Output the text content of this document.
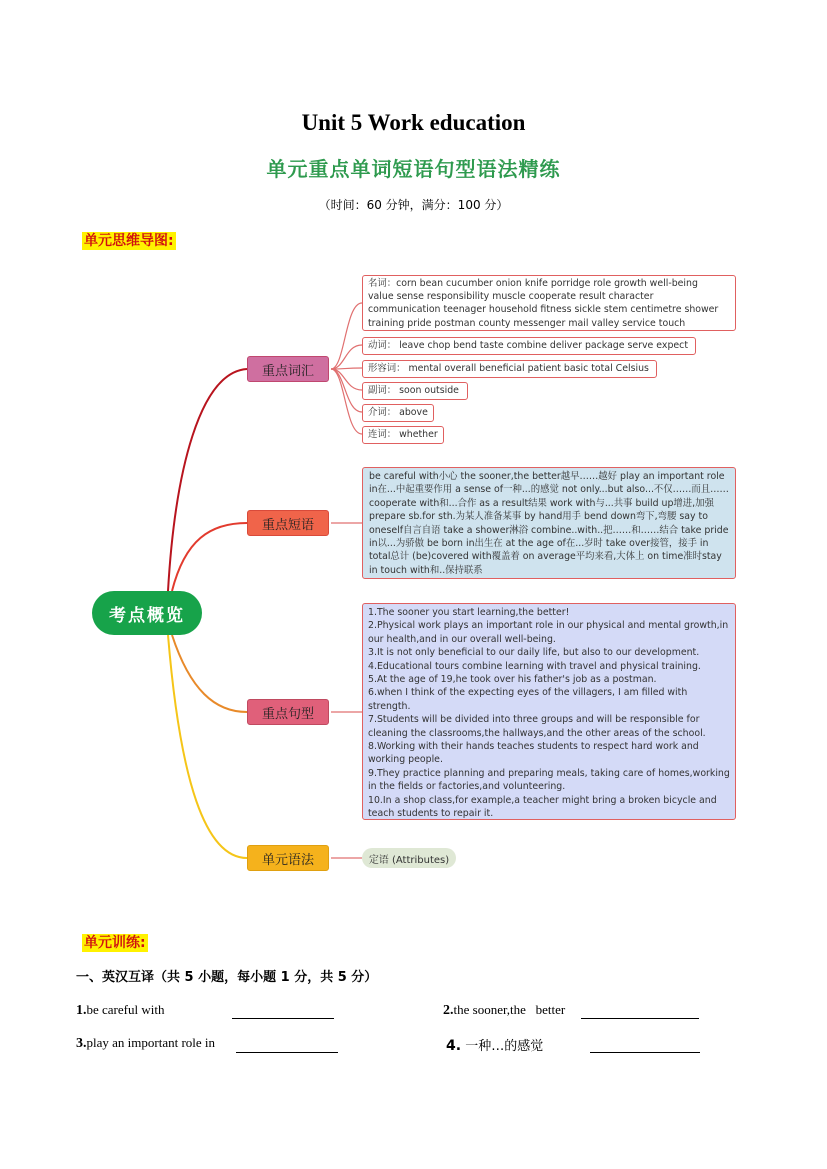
Unit 5 Work education
单元重点单词短语句型语法精练
（时间：60 分钟，满分：100 分）
单元思维导图:
考点概览
重点词汇
重点短语
重点句型
单元语法
名词：corn bean cucumber onion knife porridge role growth well-being
value sense responsibility muscle cooperate result character
communication teenager household fitness sickle stem centimetre shower
training pride postman county messenger mail valley service touch
动词： leave chop bend taste combine deliver package serve expect
形容词： mental overall beneficial patient basic total Celsius
副词： soon outside
介词： above
连词： whether
be careful with小心 the sooner,the better越早……越好 play an important role in在...中起重要作用 a sense of一种...的感觉 not only...but also...不仅……而且…… cooperate with和...合作 as a result结果 work with与...共事 build up增进,加强 prepare sb.for sth.为某人准备某事 by hand用手 bend down弯下,弯腰 say to oneself自言自语 take a shower淋浴 combine..with..把……和……结合 take pride in以...为骄傲 be born in出生在 at the age of在...岁时 take over接管，接手 in total总计 (be)covered with覆盖着 on average平均来看,大体上 on time准时stay in touch with和..保持联系
1.The sooner you start learning,the better!
2.Physical work plays an important role in our physical and mental growth,in our health,and in our overall well-being.
3.It is not only beneficial to our daily life, but also to our development.
4.Educational tours combine learning with travel and physical training.
5.At the age of 19,he took over his father's job as a postman.
6.when I think of the expecting eyes of the villagers, I am filled with strength.
7.Students will be divided into three groups and will be responsible for cleaning the classrooms,the hallways,and the other areas of the school.
8.Working with their hands teaches students to respect hard work and working people.
9.They practice planning and preparing meals, taking care of homes,working in the fields or factories,and volunteering.
10.In a shop class,for example,a teacher might bring a broken bicycle and teach students to repair it.
定语 (Attributes)
单元训练:
一、英汉互译（共 5 小题，每小题 1 分，共 5 分）
1.be careful with	2.the sooner,the   better
3.play an important role in	4. 一种…的感觉
